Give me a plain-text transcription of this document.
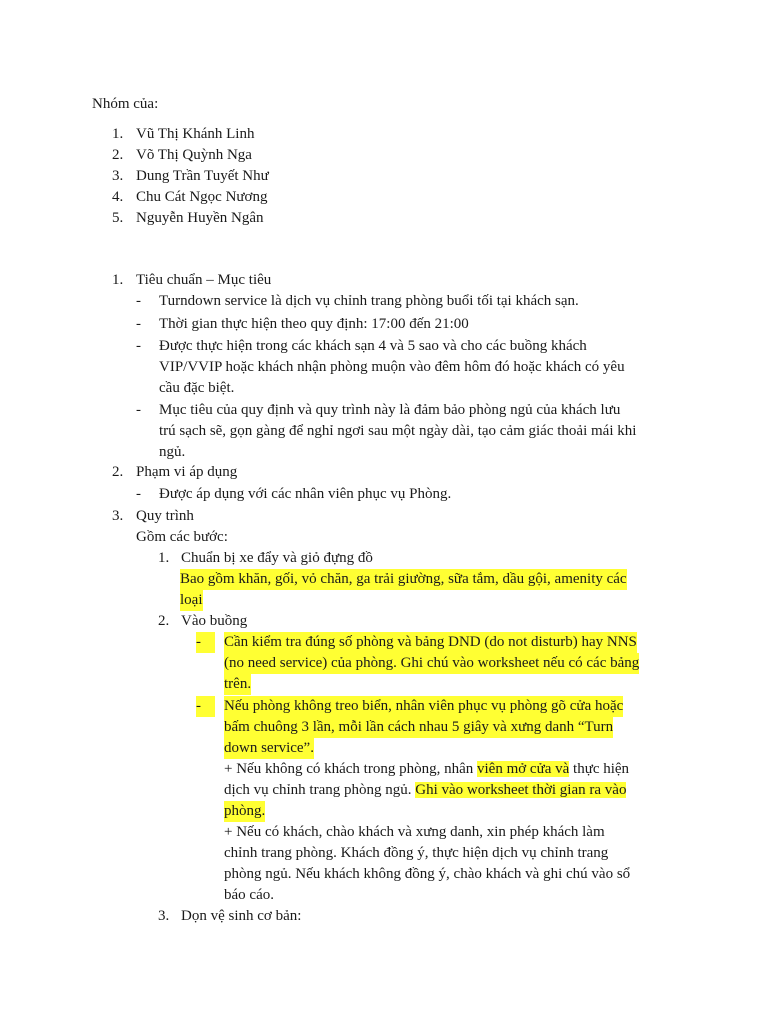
Nhóm của:
1. Vũ Thị Khánh Linh
2. Võ Thị Quỳnh Nga
3. Dung Trần Tuyết Như
4. Chu Cát Ngọc Nương
5. Nguyễn Huyền Ngân
1. Tiêu chuẩn – Mục tiêu
- Turndown service là dịch vụ chỉnh trang phòng buổi tối tại khách sạn.
- Thời gian thực hiện theo quy định: 17:00 đến 21:00
- Được thực hiện trong các khách sạn 4 và 5 sao và cho các buồng khách
VIP/VVIP hoặc khách nhận phòng muộn vào đêm hôm đó hoặc khách có yêu
cầu đặc biệt.
- Mục tiêu của quy định và quy trình này là đảm bảo phòng ngủ của khách lưu
trú sạch sẽ, gọn gàng để nghỉ ngơi sau một ngày dài, tạo cảm giác thoải mái khi
ngủ.
2. Phạm vi áp dụng
- Được áp dụng với các nhân viên phục vụ Phòng.
3. Quy trình
Gồm các bước:
1. Chuẩn bị xe đẩy và giỏ đựng đồ
Bao gồm khăn, gối, vỏ chăn, ga trải giường, sữa tắm, dầu gội, amenity các
loại
2. Vào buồng
-	Cần kiểm tra đúng số phòng và bảng DND (do not disturb) hay NNS
(no need service) của phòng. Ghi chú vào worksheet nếu có các bảng
trên.
-	Nếu phòng không treo biển, nhân viên phục vụ phòng gõ cửa hoặc
bấm chuông 3 lần, mỗi lần cách nhau 5 giây và xưng danh “Turn
down service”.
+ Nếu không có khách trong phòng, nhân viên mở cửa và thực hiện
dịch vụ chỉnh trang phòng ngủ. Ghi vào worksheet thời gian ra vào
phòng.
+ Nếu có khách, chào khách và xưng danh, xin phép khách làm
chỉnh trang phòng. Khách đồng ý, thực hiện dịch vụ chỉnh trang
phòng ngủ. Nếu khách không đồng ý, chào khách và ghi chú vào sổ
báo cáo.
3. Dọn vệ sinh cơ bản:
